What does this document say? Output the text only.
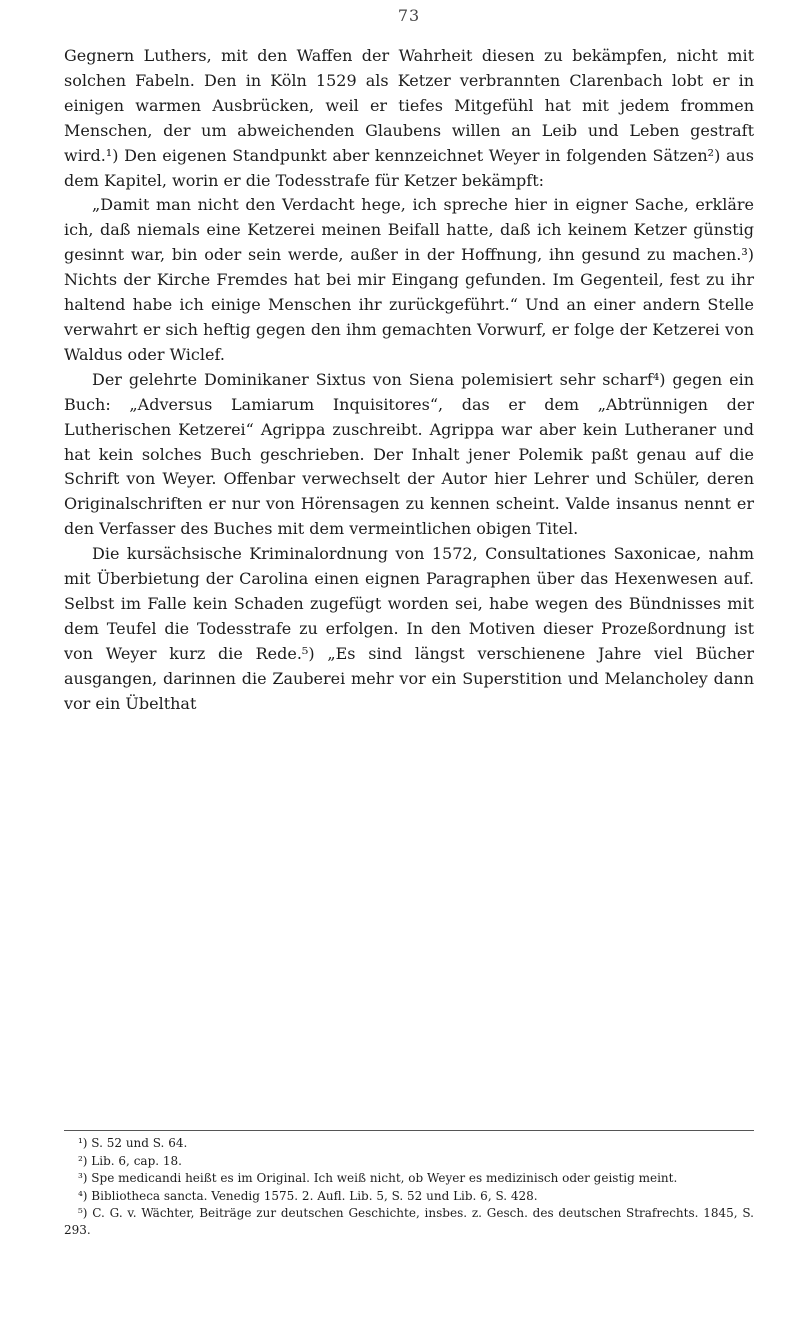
73

Gegnern Luthers, mit den Waffen der Wahrheit diesen zu bekämpfen, nicht mit solchen Fabeln. Den in Köln 1529 als Ketzer verbrannten Clarenbach lobt er in einigen warmen Ausbrücken, weil er tiefes Mitgefühl hat mit jedem frommen Menschen, der um abweichenden Glaubens willen an Leib und Leben gestraft wird.¹) Den eigenen Standpunkt aber kennzeichnet Weyer in folgenden Sätzen²) aus dem Kapitel, worin er die Todesstrafe für Ketzer bekämpft:

„Damit man nicht den Verdacht hege, ich spreche hier in eigner Sache, erkläre ich, daß niemals eine Ketzerei meinen Beifall hatte, daß ich keinem Ketzer günstig gesinnt war, bin oder sein werde, außer in der Hoffnung, ihn gesund zu machen.³) Nichts der Kirche Fremdes hat bei mir Eingang gefunden. Im Gegenteil, fest zu ihr haltend habe ich einige Menschen ihr zurückgeführt.“ Und an einer andern Stelle verwahrt er sich heftig gegen den ihm gemachten Vorwurf, er folge der Ketzerei von Waldus oder Wiclef.

Der gelehrte Dominikaner Sixtus von Siena polemisiert sehr scharf⁴) gegen ein Buch: „Adversus Lamiarum Inquisitores“, das er dem „Abtrünnigen der Lutherischen Ketzerei“ Agrippa zuschreibt. Agrippa war aber kein Lutheraner und hat kein solches Buch geschrieben. Der Inhalt jener Polemik paßt genau auf die Schrift von Weyer. Offenbar verwechselt der Autor hier Lehrer und Schüler, deren Originalschriften er nur von Hörensagen zu kennen scheint. Valde insanus nennt er den Verfasser des Buches mit dem vermeintlichen obigen Titel.

Die kursächsische Kriminalordnung von 1572, Consultationes Saxonicae, nahm mit Überbietung der Carolina einen eignen Paragraphen über das Hexenwesen auf. Selbst im Falle kein Schaden zugefügt worden sei, habe wegen des Bündnisses mit dem Teufel die Todesstrafe zu erfolgen. In den Motiven dieser Prozeßordnung ist von Weyer kurz die Rede.⁵) „Es sind längst verschienene Jahre viel Bücher ausgangen, darinnen die Zauberei mehr vor ein Superstition und Melancholey dann vor ein Übelthat

¹) S. 52 und S. 64.

²) Lib. 6, cap. 18.

³) Spe medicandi heißt es im Original. Ich weiß nicht, ob Weyer es medizinisch oder geistig meint.

⁴) Bibliotheca sancta. Venedig 1575. 2. Aufl. Lib. 5, S. 52 und Lib. 6, S. 428.

⁵) C. G. v. Wächter, Beiträge zur deutschen Geschichte, insbes. z. Gesch. des deutschen Strafrechts. 1845, S. 293.
